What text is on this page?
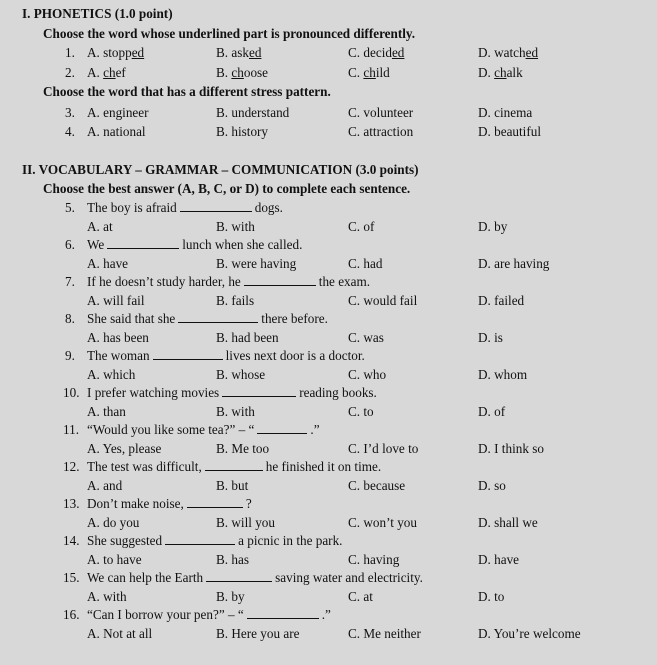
I. PHONETICS (1.0 point)
Choose the word whose underlined part is pronounced differently.
1. A. stopped	B. asked	C. decided	D. watched
2. A. chef	B. choose	C. child	D. chalk
Choose the word that has a different stress pattern.
3. A. engineer	B. understand	C. volunteer	D. cinema
4. A. national	B. history	C. attraction	D. beautiful
II. VOCABULARY – GRAMMAR – COMMUNICATION (3.0 points)
Choose the best answer (A, B, C, or D) to complete each sentence.
5. The boy is afraid	dogs.
A. at	B. with	C. of	D. by
6. We	lunch when she called.
A. have	B. were having	C. had	D. are having
7. If he doesn’t study harder, he	the exam.
A. will fail	B. fails	C. would fail	D. failed
8. She said that she	there before.
A. has been	B. had been	C. was	D. is
9. The woman	lives next door is a doctor.
A. which	B. whose	C. who	D. whom
10. I prefer watching movies	reading books.
A. than	B. with	C. to	D. of
11. “Would you like some tea?” – “	.”
A. Yes, please	B. Me too	C. I’d love to	D. I think so
12. The test was difficult,	he finished it on time.
A. and	B. but	C. because	D. so
13. Don’t make noise,	?
A. do you	B. will you	C. won’t you	D. shall we
14. She suggested	a picnic in the park.
A. to have	B. has	C. having	D. have
15. We can help the Earth	saving water and electricity.
A. with	B. by	C. at	D. to
16. “Can I borrow your pen?” – “	.”
A. Not at all	B. Here you are	C. Me neither	D. You’re welcome
